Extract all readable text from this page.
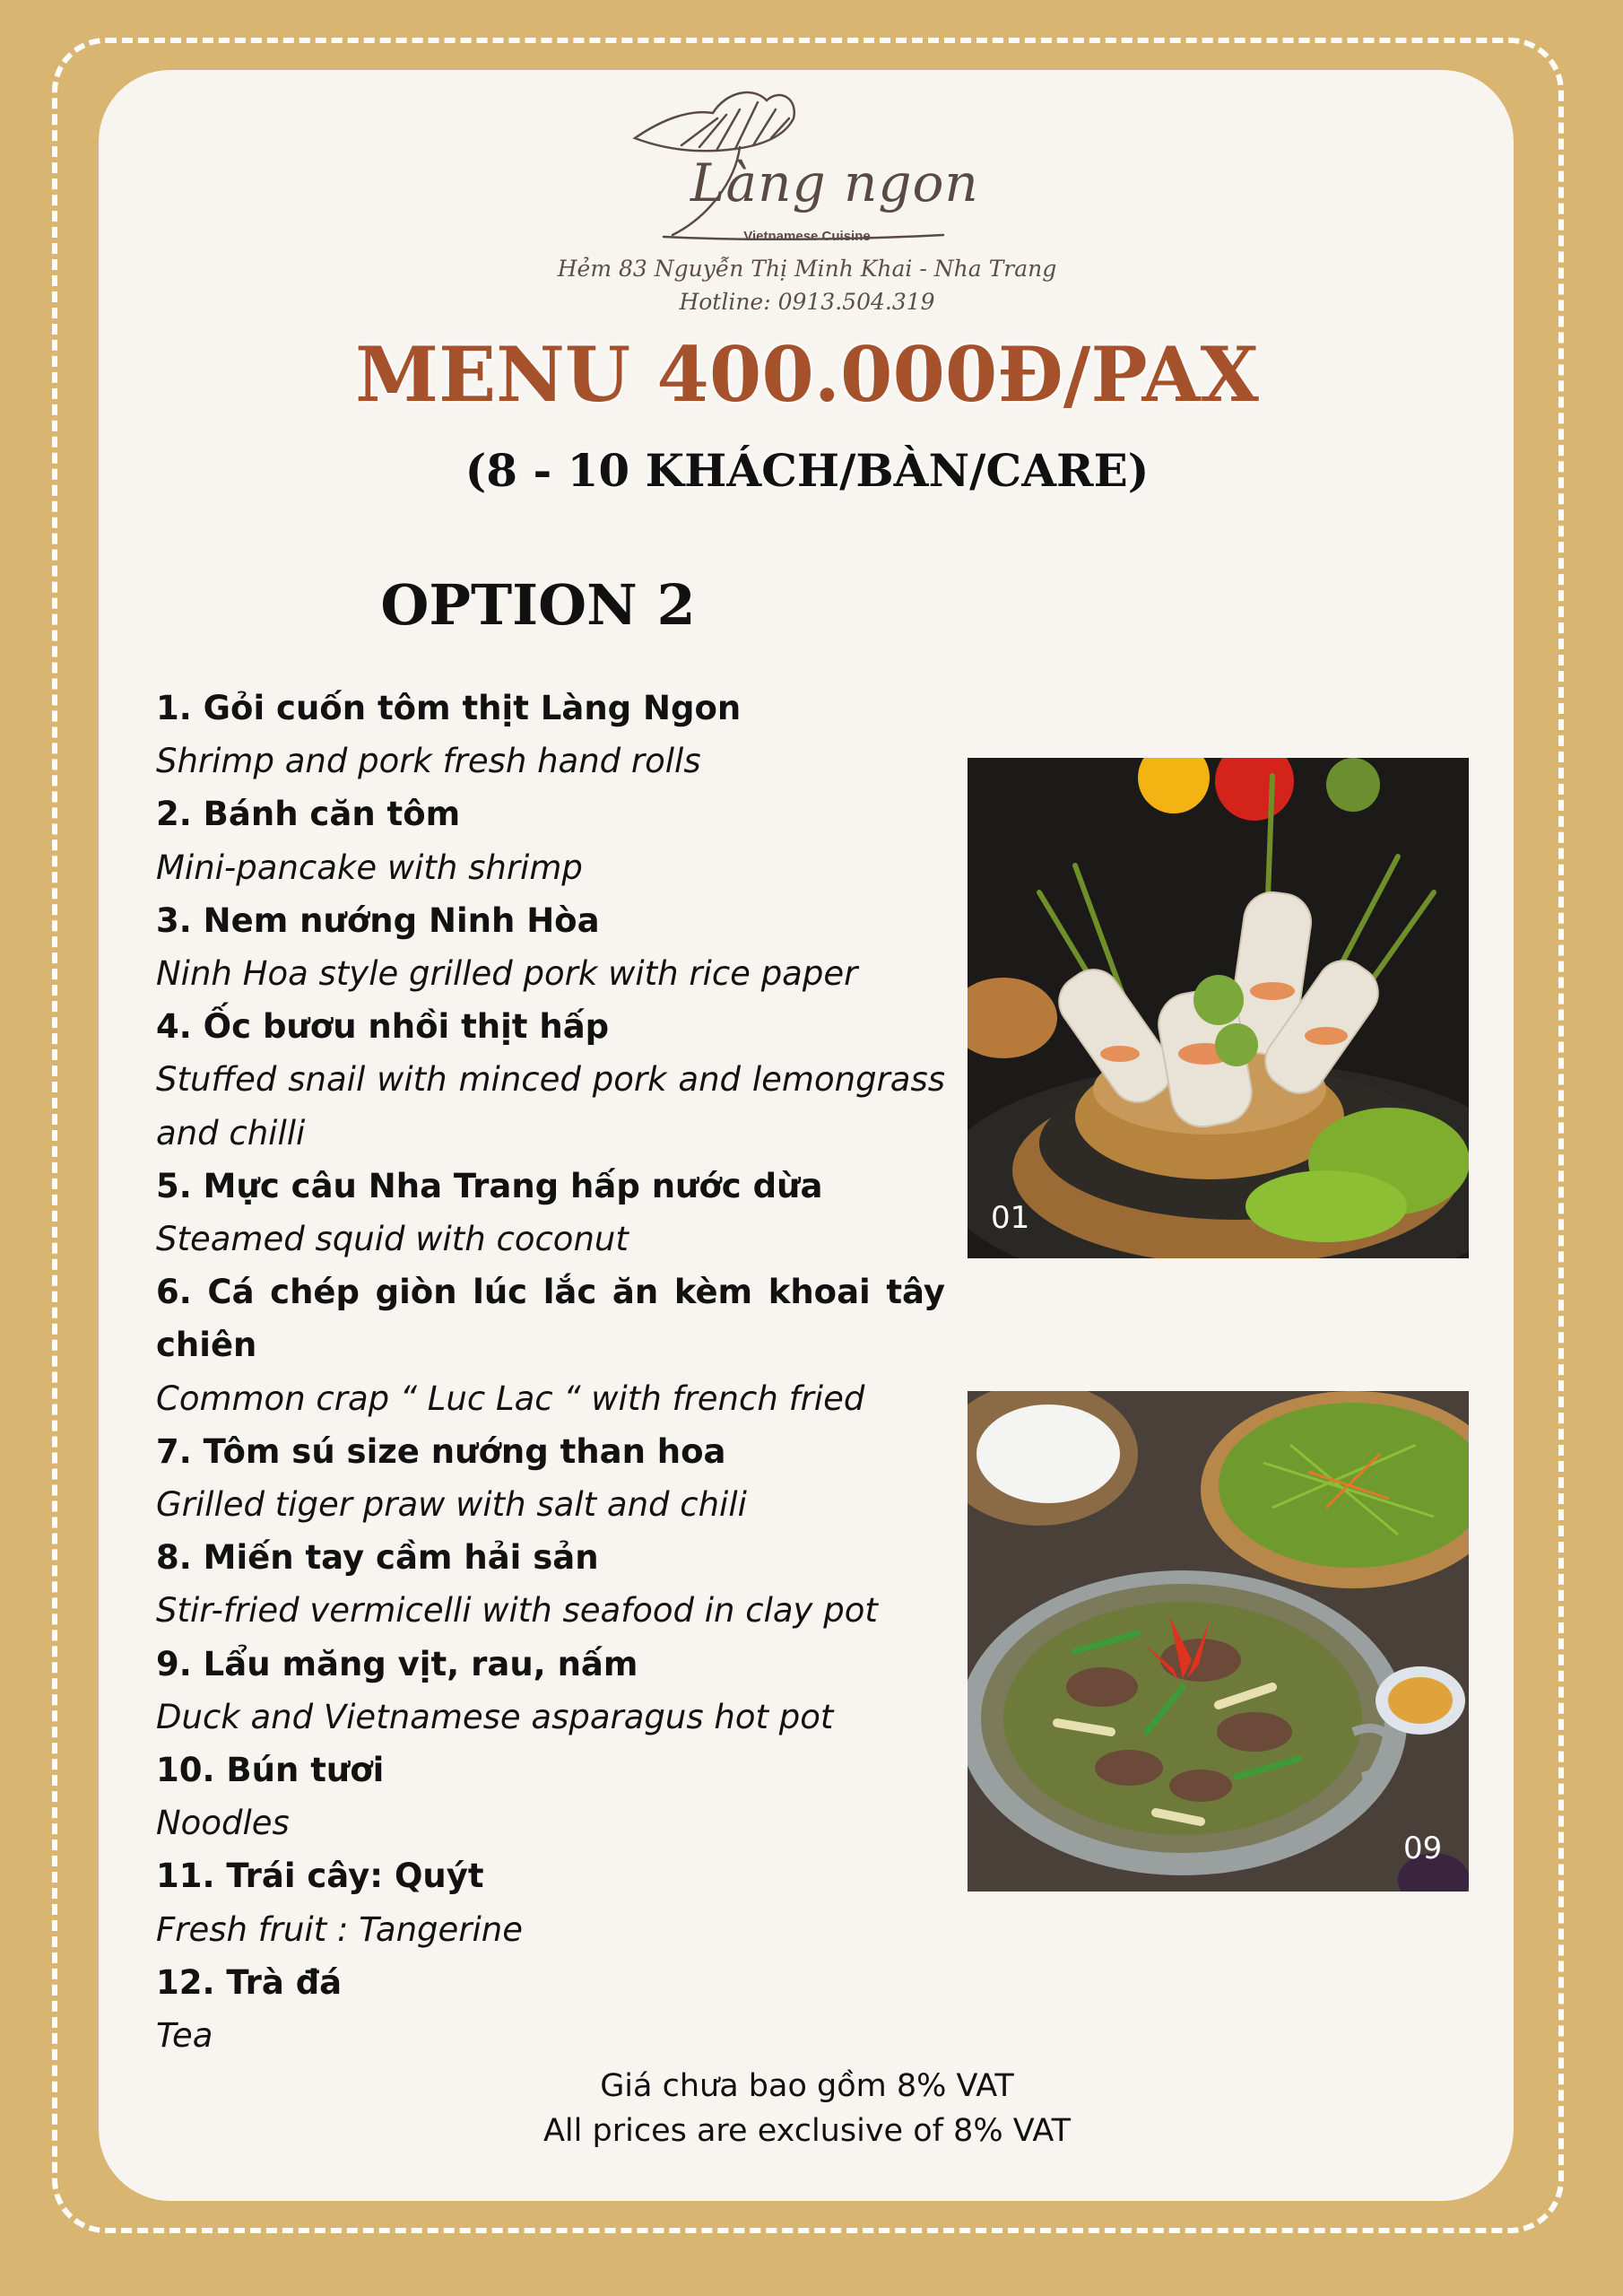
Làng ngon
Vietnamese Cuisine
Hẻm 83 Nguyễn Thị Minh Khai - Nha Trang
Hotline: 0913.504.319
MENU 400.000Đ/PAX
(8 - 10 KHÁCH/BÀN/CARE)
OPTION 2

1. Gỏi cuốn tôm thịt Làng Ngon

Shrimp and pork fresh hand rolls

2. Bánh căn tôm

Mini-pancake with shrimp

3. Nem nướng Ninh Hòa

Ninh Hoa style grilled pork with rice paper

4. Ốc bươu nhồi thịt hấp

Stuffed snail with minced pork and lemongrass and chilli

5. Mực câu Nha Trang hấp nước dừa

Steamed squid with coconut

6. Cá chép giòn lúc lắc ăn kèm khoai tây chiên

Common crap “ Luc Lac “ with french fried

7. Tôm sú size nướng than hoa

Grilled tiger praw with salt and chili

8. Miến tay cầm hải sản

Stir-fried vermicelli with seafood in clay pot

9. Lẩu măng vịt, rau, nấm

Duck and Vietnamese asparagus hot pot

10. Bún tươi

Noodles

11. Trái cây: Quýt

Fresh fruit : Tangerine

12. Trà đá

Tea

01
09
Giá chưa bao gồm 8% VAT
All prices are exclusive of 8% VAT
